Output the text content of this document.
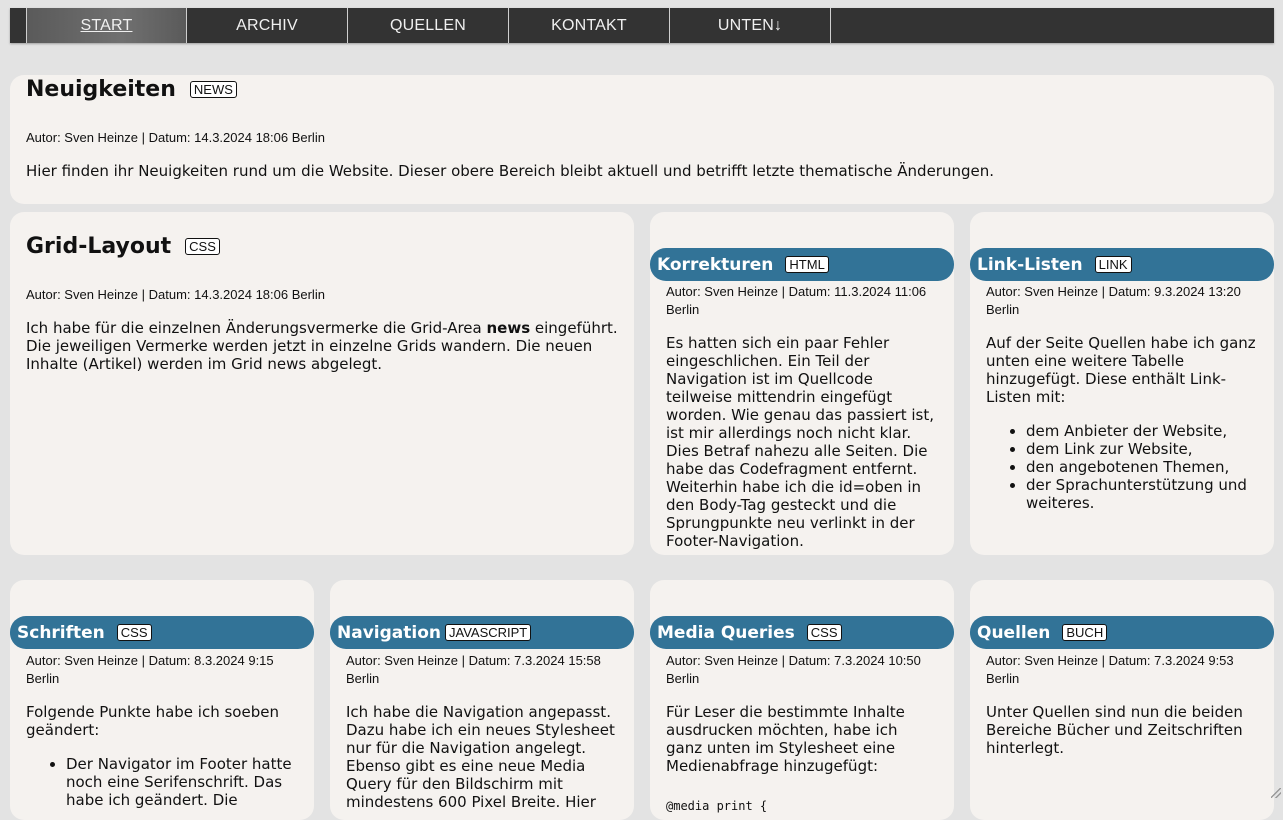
START	ARCHIV	QUELLEN	KONTAKT	UNTEN↓
Neuigkeiten	NEWS
Autor: Sven Heinze | Datum: 14.3.2024 18:06 Berlin
Hier finden ihr Neuigkeiten rund um die Website. Dieser obere Bereich bleibt aktuell und betrifft letzte thematische Änderungen.
Grid-Layout	CSS
Autor: Sven Heinze | Datum: 14.3.2024 18:06 Berlin
Ich habe für die einzelnen Änderungsvermerke die Grid-Area news eingeführt. Die jeweiligen Vermerke werden jetzt in einzelne Grids wandern. Die neuen Inhalte (Artikel) werden im Grid news abgelegt.
Korrekturen	HTML
Autor: Sven Heinze | Datum: 11.3.2024 11:06 Berlin
Es hatten sich ein paar Fehler eingeschlichen. Ein Teil der Navigation ist im Quellcode teilweise mittendrin eingefügt worden. Wie genau das passiert ist, ist mir allerdings noch nicht klar. Dies Betraf nahezu alle Seiten. Die habe das Codefragment entfernt. Weiterhin habe ich die id=oben in den Body-Tag gesteckt und die Sprungpunkte neu verlinkt in der Footer-Navigation.
Link-Listen	LINK
Autor: Sven Heinze | Datum: 9.3.2024 13:20 Berlin

Auf der Seite Quellen habe ich ganz unten eine weitere Tabelle hinzugefügt. Diese enthält Link-Listen mit:

• dem Anbieter der Website,
• dem Link zur Website,
• den angebotenen Themen,
• der Sprachunterstützung und weiteres.
Schriften	CSS
Autor: Sven Heinze | Datum: 8.3.2024 9:15 Berlin

Folgende Punkte habe ich soeben geändert:

• Der Navigator im Footer hatte noch eine Serifenschrift. Das habe ich geändert. Die
Navigation JAVASCRIPT
Autor: Sven Heinze | Datum: 7.3.2024 15:58 Berlin
Ich habe die Navigation angepasst. Dazu habe ich ein neues Stylesheet nur für die Navigation angelegt. Ebenso gibt es eine neue Media Query für den Bildschirm mit mindestens 600 Pixel Breite. Hier
Media Queries	CSS
Autor: Sven Heinze | Datum: 7.3.2024 10:50 Berlin

Für Leser die bestimmte Inhalte ausdrucken möchten, habe ich ganz unten im Stylesheet eine Medienabfrage hinzugefügt:

@media print {
Quellen	BUCH
Autor: Sven Heinze | Datum: 7.3.2024 9:53 Berlin
Unter Quellen sind nun die beiden Bereiche Bücher und Zeitschriften hinterlegt.
